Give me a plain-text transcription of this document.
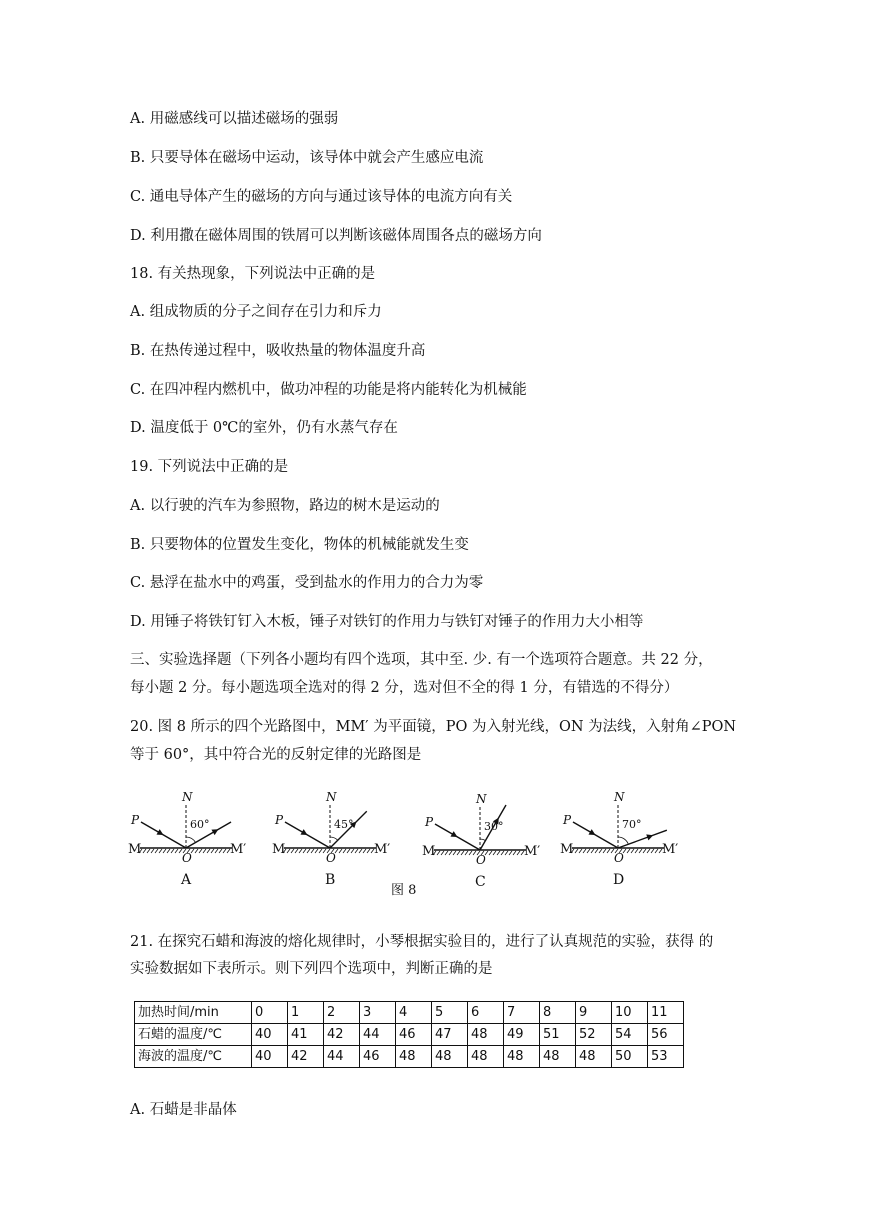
A. 用磁感线可以描述磁场的强弱
B. 只要导体在磁场中运动，该导体中就会产生感应电流
C. 通电导体产生的磁场的方向与通过该导体的电流方向有关
D. 利用撒在磁体周围的铁屑可以判断该磁体周围各点的磁场方向
18. 有关热现象，下列说法中正确的是
A. 组成物质的分子之间存在引力和斥力
B. 在热传递过程中，吸收热量的物体温度升高
C. 在四冲程内燃机中，做功冲程的功能是将内能转化为机械能
D. 温度低于 0℃的室外，仍有水蒸气存在
19. 下列说法中正确的是
A. 以行驶的汽车为参照物，路边的树木是运动的
B. 只要物体的位置发生变化，物体的机械能就发生变
C. 悬浮在盐水中的鸡蛋，受到盐水的作用力的合力为零
D. 用锤子将铁钉钉入木板，锤子对铁钉的作用力与铁钉对锤子的作用力大小相等
三、实验选择题（下列各小题均有四个选项，其中至. 少. 有一个选项符合题意。共 22 分，
每小题 2 分。每小题选项全选对的得 2 分，选对但不全的得 1 分，有错选的不得分）
20. 图 8 所示的四个光路图中，MM′ 为平面镜，PO 为入射光线，ON 为法线，入射角∠PON
等于 60°，其中符合光的反射定律的光路图是
P
N
O
M	M′
60°
A
P
N
O
M	M′
45°
B
P
N
O
M	M′
30°
C
P
N
O
M	M′
70°
D
图 8
21. 在探究石蜡和海波的熔化规律时，小琴根据实验目的，进行了认真规范的实验，获得 的
实验数据如下表所示。则下列四个选项中，判断正确的是
加热时间/min	0	1	2	3	4	5	6	7	8	9	10	11
石蜡的温度/℃	40	41	42	44	46	47	48	49	51	52	54	56
海波的温度/℃	40	42	44	46	48	48	48	48	48	48	50	53
A. 石蜡是非晶体
